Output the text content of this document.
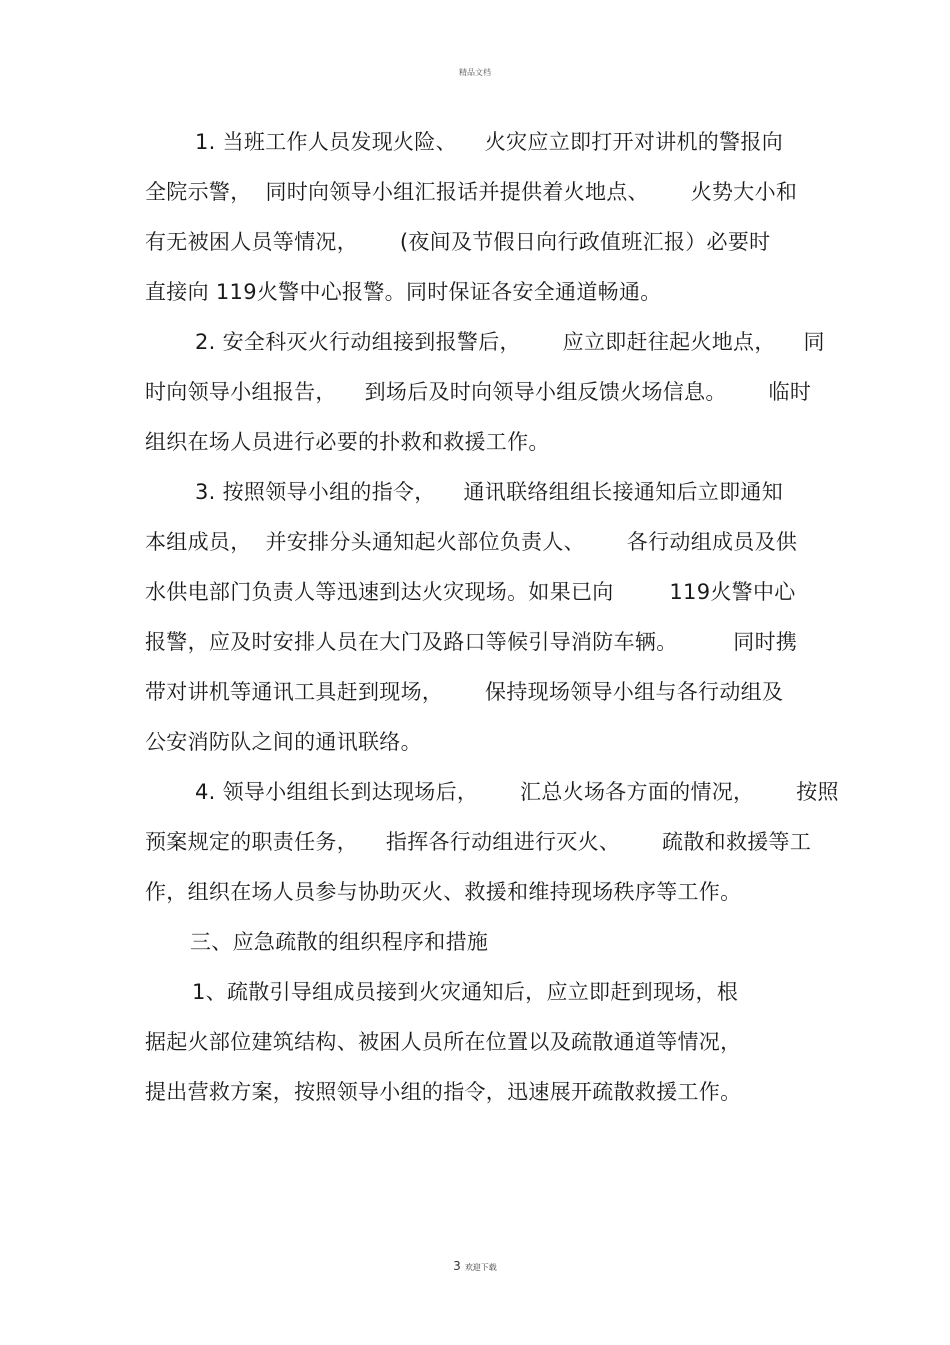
精品文档
1. 当班工作人员发现火险、    火灾应立即打开对讲机的警报向
全院示警，  同时向领导小组汇报话并提供着火地点、      火势大小和
有无被困人员等情况，      (夜间及节假日向行政值班汇报）必要时
直接向 119火警中心报警。同时保证各安全通道畅通。
2. 安全科灭火行动组接到报警后，      应立即赶往起火地点，    同
时向领导小组报告，    到场后及时向领导小组反馈火场信息。      临时
组织在场人员进行必要的扑救和救援工作。
3. 按照领导小组的指令，    通讯联络组组长接通知后立即通知
本组成员，  并安排分头通知起火部位负责人、      各行动组成员及供
水供电部门负责人等迅速到达火灾现场。如果已向        119火警中心
报警，应及时安排人员在大门及路口等候引导消防车辆。        同时携
带对讲机等通讯工具赶到现场，      保持现场领导小组与各行动组及
公安消防队之间的通讯联络。
4. 领导小组组长到达现场后，      汇总火场各方面的情况，      按照
预案规定的职责任务，    指挥各行动组进行灭火、      疏散和救援等工
作，组织在场人员参与协助灭火、救援和维持现场秩序等工作。
三、应急疏散的组织程序和措施
1、疏散引导组成员接到火灾通知后，应立即赶到现场，根
据起火部位建筑结构、被困人员所在位置以及疏散通道等情况，
提出营救方案，按照领导小组的指令，迅速展开疏散救援工作。
3 欢迎下载
